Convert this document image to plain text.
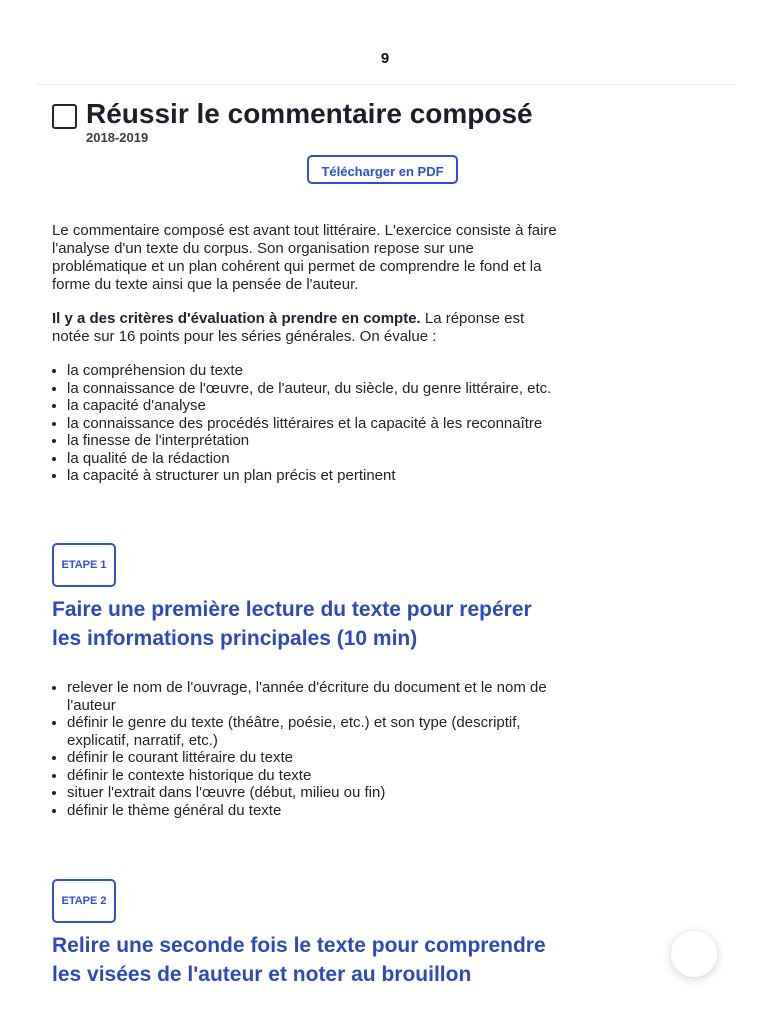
9
Réussir le commentaire composé
2018-2019
Télécharger en PDF

Le commentaire composé est avant tout littéraire. L'exercice consiste à faire l'analyse d'un texte du corpus. Son organisation repose sur une problématique et un plan cohérent qui permet de comprendre le fond et la forme du texte ainsi que la pensée de l'auteur.

Il y a des critères d'évaluation à prendre en compte. La réponse est notée sur 16 points pour les séries générales. On évalue :

• la compréhension du texte
• la connaissance de l'œuvre, de l'auteur, du siècle, du genre littéraire, etc.
• la capacité d'analyse
• la connaissance des procédés littéraires et la capacité à les reconnaître
• la finesse de l'interprétation
• la qualité de la rédaction
• la capacité à structurer un plan précis et pertinent
ETAPE 1
Faire une première lecture du texte pour repérer les informations principales (10 min)
• relever le nom de l'ouvrage, l'année d'écriture du document et le nom de l'auteur
• définir le genre du texte (théâtre, poésie, etc.) et son type (descriptif, explicatif, narratif, etc.)
• définir le courant littéraire du texte
• définir le contexte historique du texte
• situer l'extrait dans l'œuvre (début, milieu ou fin)
• définir le thème général du texte
ETAPE 2
Relire une seconde fois le texte pour comprendre les visées de l'auteur et noter au brouillon
